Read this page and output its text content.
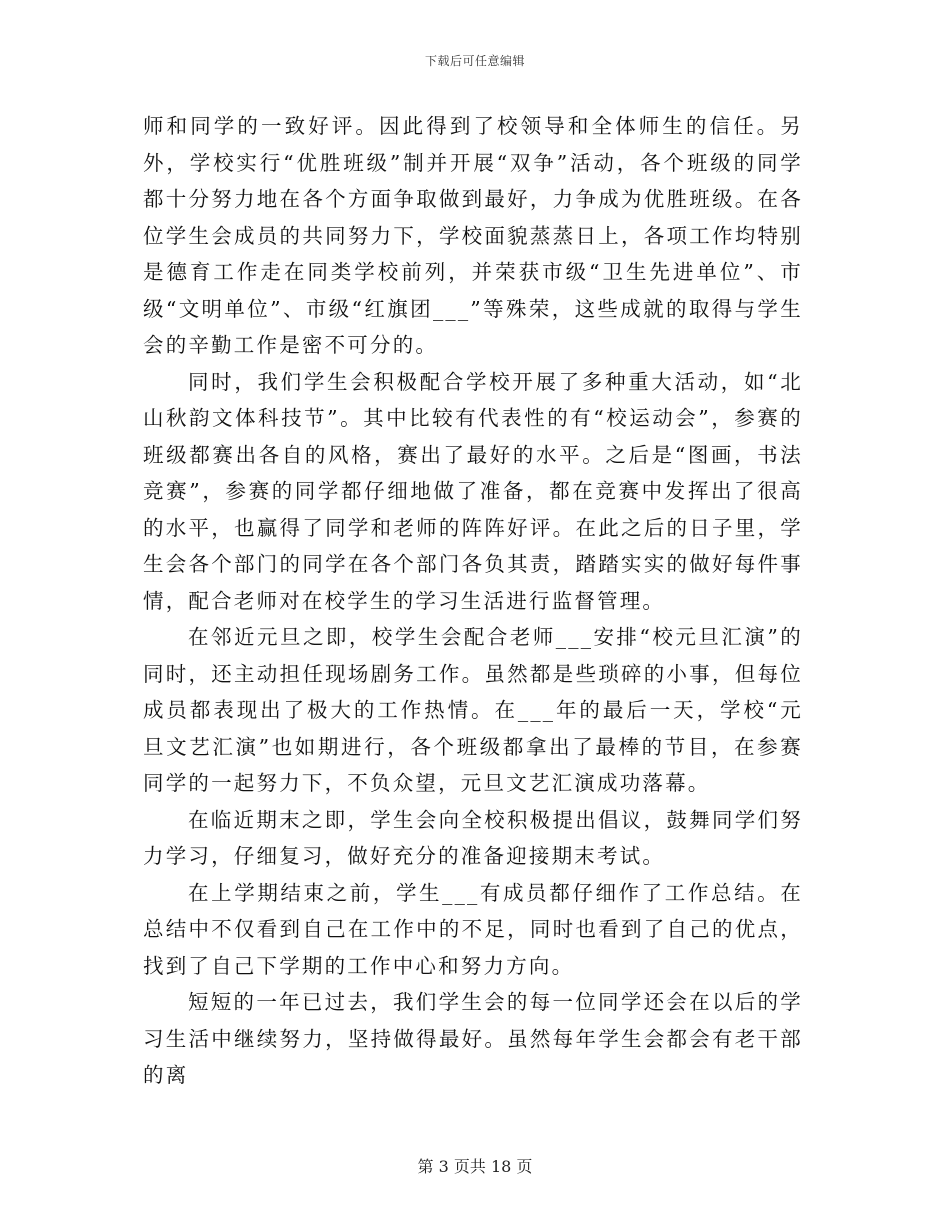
下载后可任意编辑

师和同学的一致好评。因此得到了校领导和全体师生的信任。另外，学校实行“优胜班级”制并开展“双争”活动，各个班级的同学都十分努力地在各个方面争取做到最好，力争成为优胜班级。在各位学生会成员的共同努力下，学校面貌蒸蒸日上，各项工作均特别是德育工作走在同类学校前列，并荣获市级“卫生先进单位”、市级“文明单位”、市级“红旗团___”等殊荣，这些成就的取得与学生会的辛勤工作是密不可分的。

同时，我们学生会积极配合学校开展了多种重大活动，如“北山秋韵文体科技节”。其中比较有代表性的有“校运动会”，参赛的班级都赛出各自的风格，赛出了最好的水平。之后是“图画，书法竞赛”，参赛的同学都仔细地做了准备，都在竞赛中发挥出了很高的水平，也赢得了同学和老师的阵阵好评。在此之后的日子里，学生会各个部门的同学在各个部门各负其责，踏踏实实的做好每件事情，配合老师对在校学生的学习生活进行监督管理。

在邻近元旦之即，校学生会配合老师___安排“校元旦汇演”的同时，还主动担任现场剧务工作。虽然都是些琐碎的小事，但每位成员都表现出了极大的工作热情。在___年的最后一天，学校“元旦文艺汇演”也如期进行，各个班级都拿出了最棒的节目，在参赛同学的一起努力下，不负众望，元旦文艺汇演成功落幕。

在临近期末之即，学生会向全校积极提出倡议，鼓舞同学们努力学习，仔细复习，做好充分的准备迎接期末考试。

在上学期结束之前，学生___有成员都仔细作了工作总结。在总结中不仅看到自己在工作中的不足，同时也看到了自己的优点，找到了自己下学期的工作中心和努力方向。

短短的一年已过去，我们学生会的每一位同学还会在以后的学习生活中继续努力，坚持做得最好。虽然每年学生会都会有老干部的离

第 3 页共 18 页
